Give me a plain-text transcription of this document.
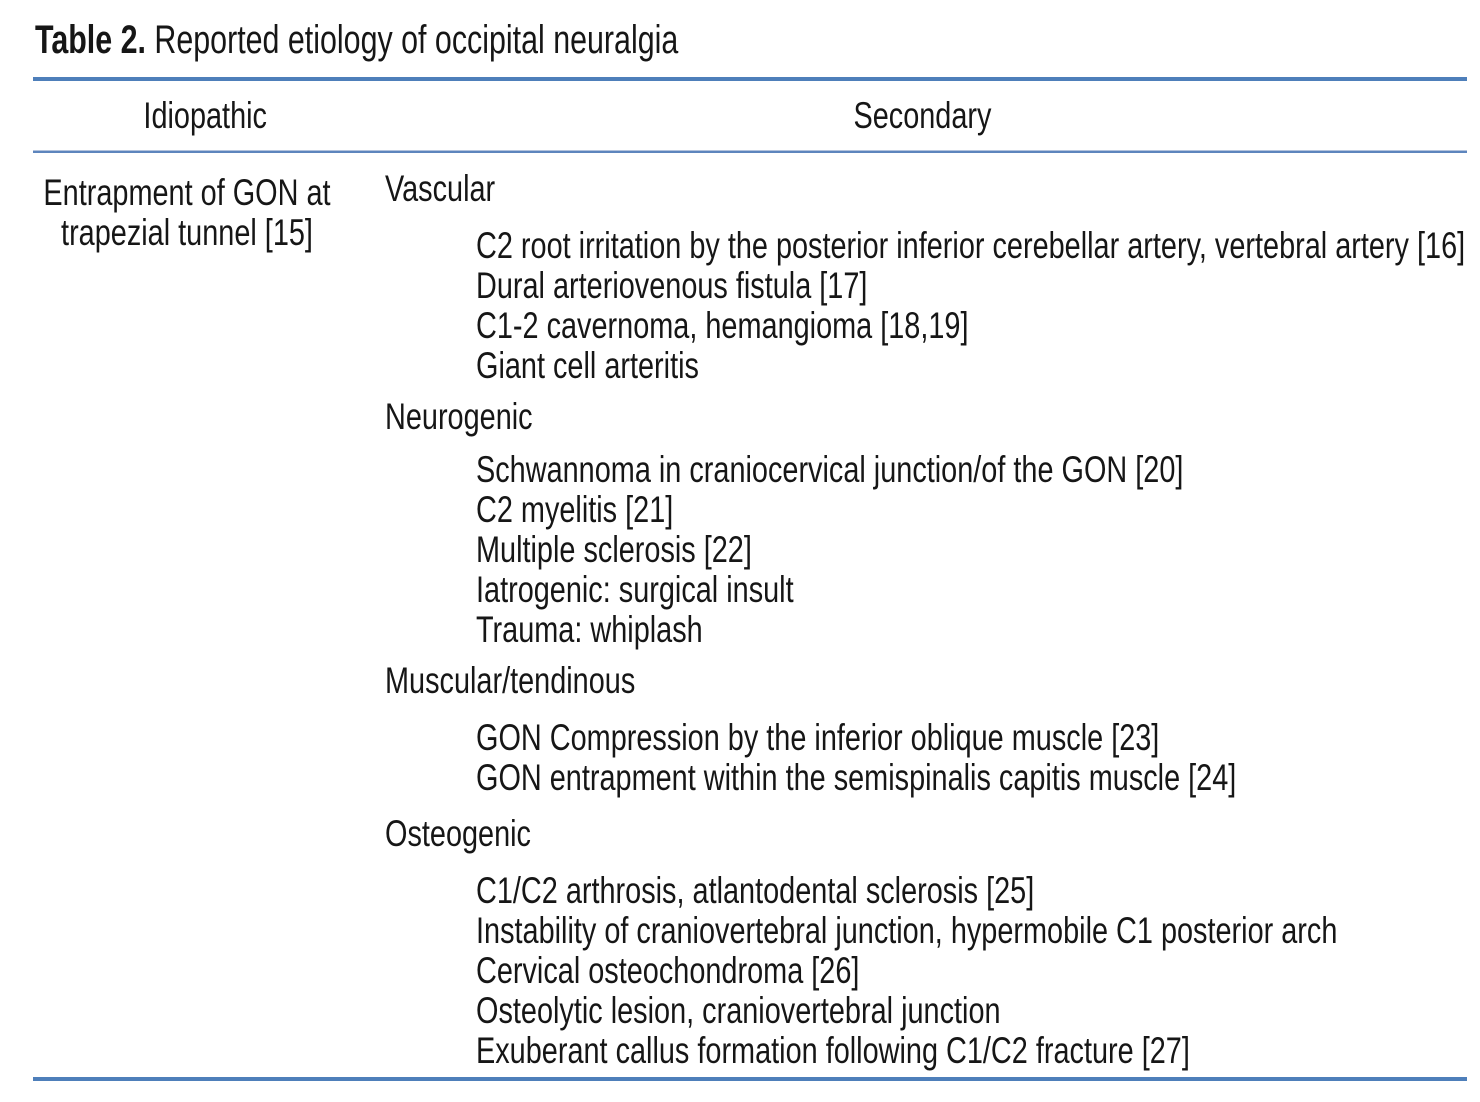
Table 2. Reported etiology of occipital neuralgia
Idiopathic	Secondary
Entrapment of GON at trapezial tunnel [15]
Vascular
C2 root irritation by the posterior inferior cerebellar artery, vertebral artery [16]
Dural arteriovenous fistula [17]
C1-2 cavernoma, hemangioma [18,19]
Giant cell arteritis
Neurogenic
Schwannoma in craniocervical junction/of the GON [20]
C2 myelitis [21]
Multiple sclerosis [22]
Iatrogenic: surgical insult
Trauma: whiplash
Muscular/tendinous
GON Compression by the inferior oblique muscle [23]
GON entrapment within the semispinalis capitis muscle [24]
Osteogenic
C1/C2 arthrosis, atlantodental sclerosis [25]
Instability of craniovertebral junction, hypermobile C1 posterior arch
Cervical osteochondroma [26]
Osteolytic lesion, craniovertebral junction
Exuberant callus formation following C1/C2 fracture [27]
